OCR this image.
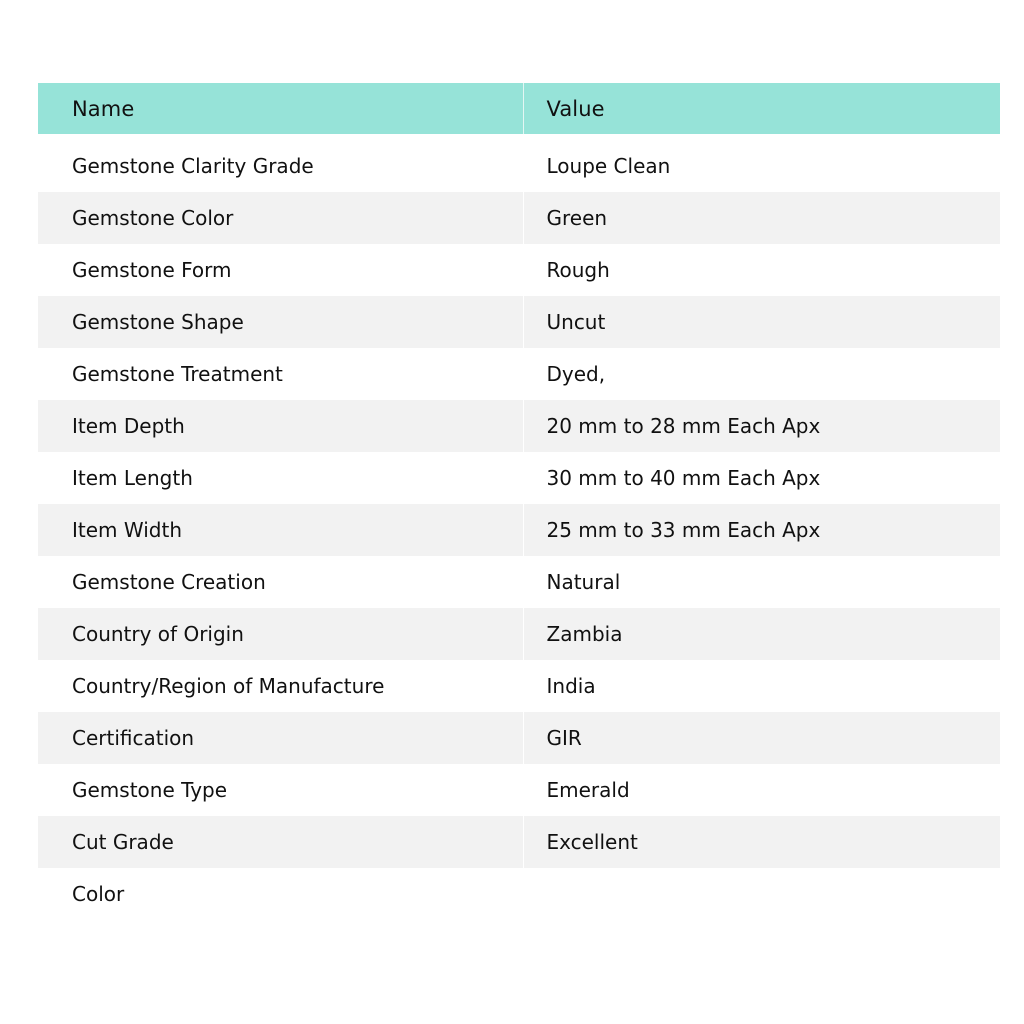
Name	Value

Gemstone Clarity Grade	Loupe Clean
Gemstone Color	Green
Gemstone Form	Rough
Gemstone Shape	Uncut
Gemstone Treatment	Dyed,
Item Depth	20 mm to 28 mm Each Apx
Item Length	30 mm to 40 mm Each Apx
Item Width	25 mm to 33 mm Each Apx
Gemstone Creation	Natural
Country of Origin	Zambia
Country/Region of Manufacture	India
Certification	GIR
Gemstone Type	Emerald
Cut Grade	Excellent
Color	
